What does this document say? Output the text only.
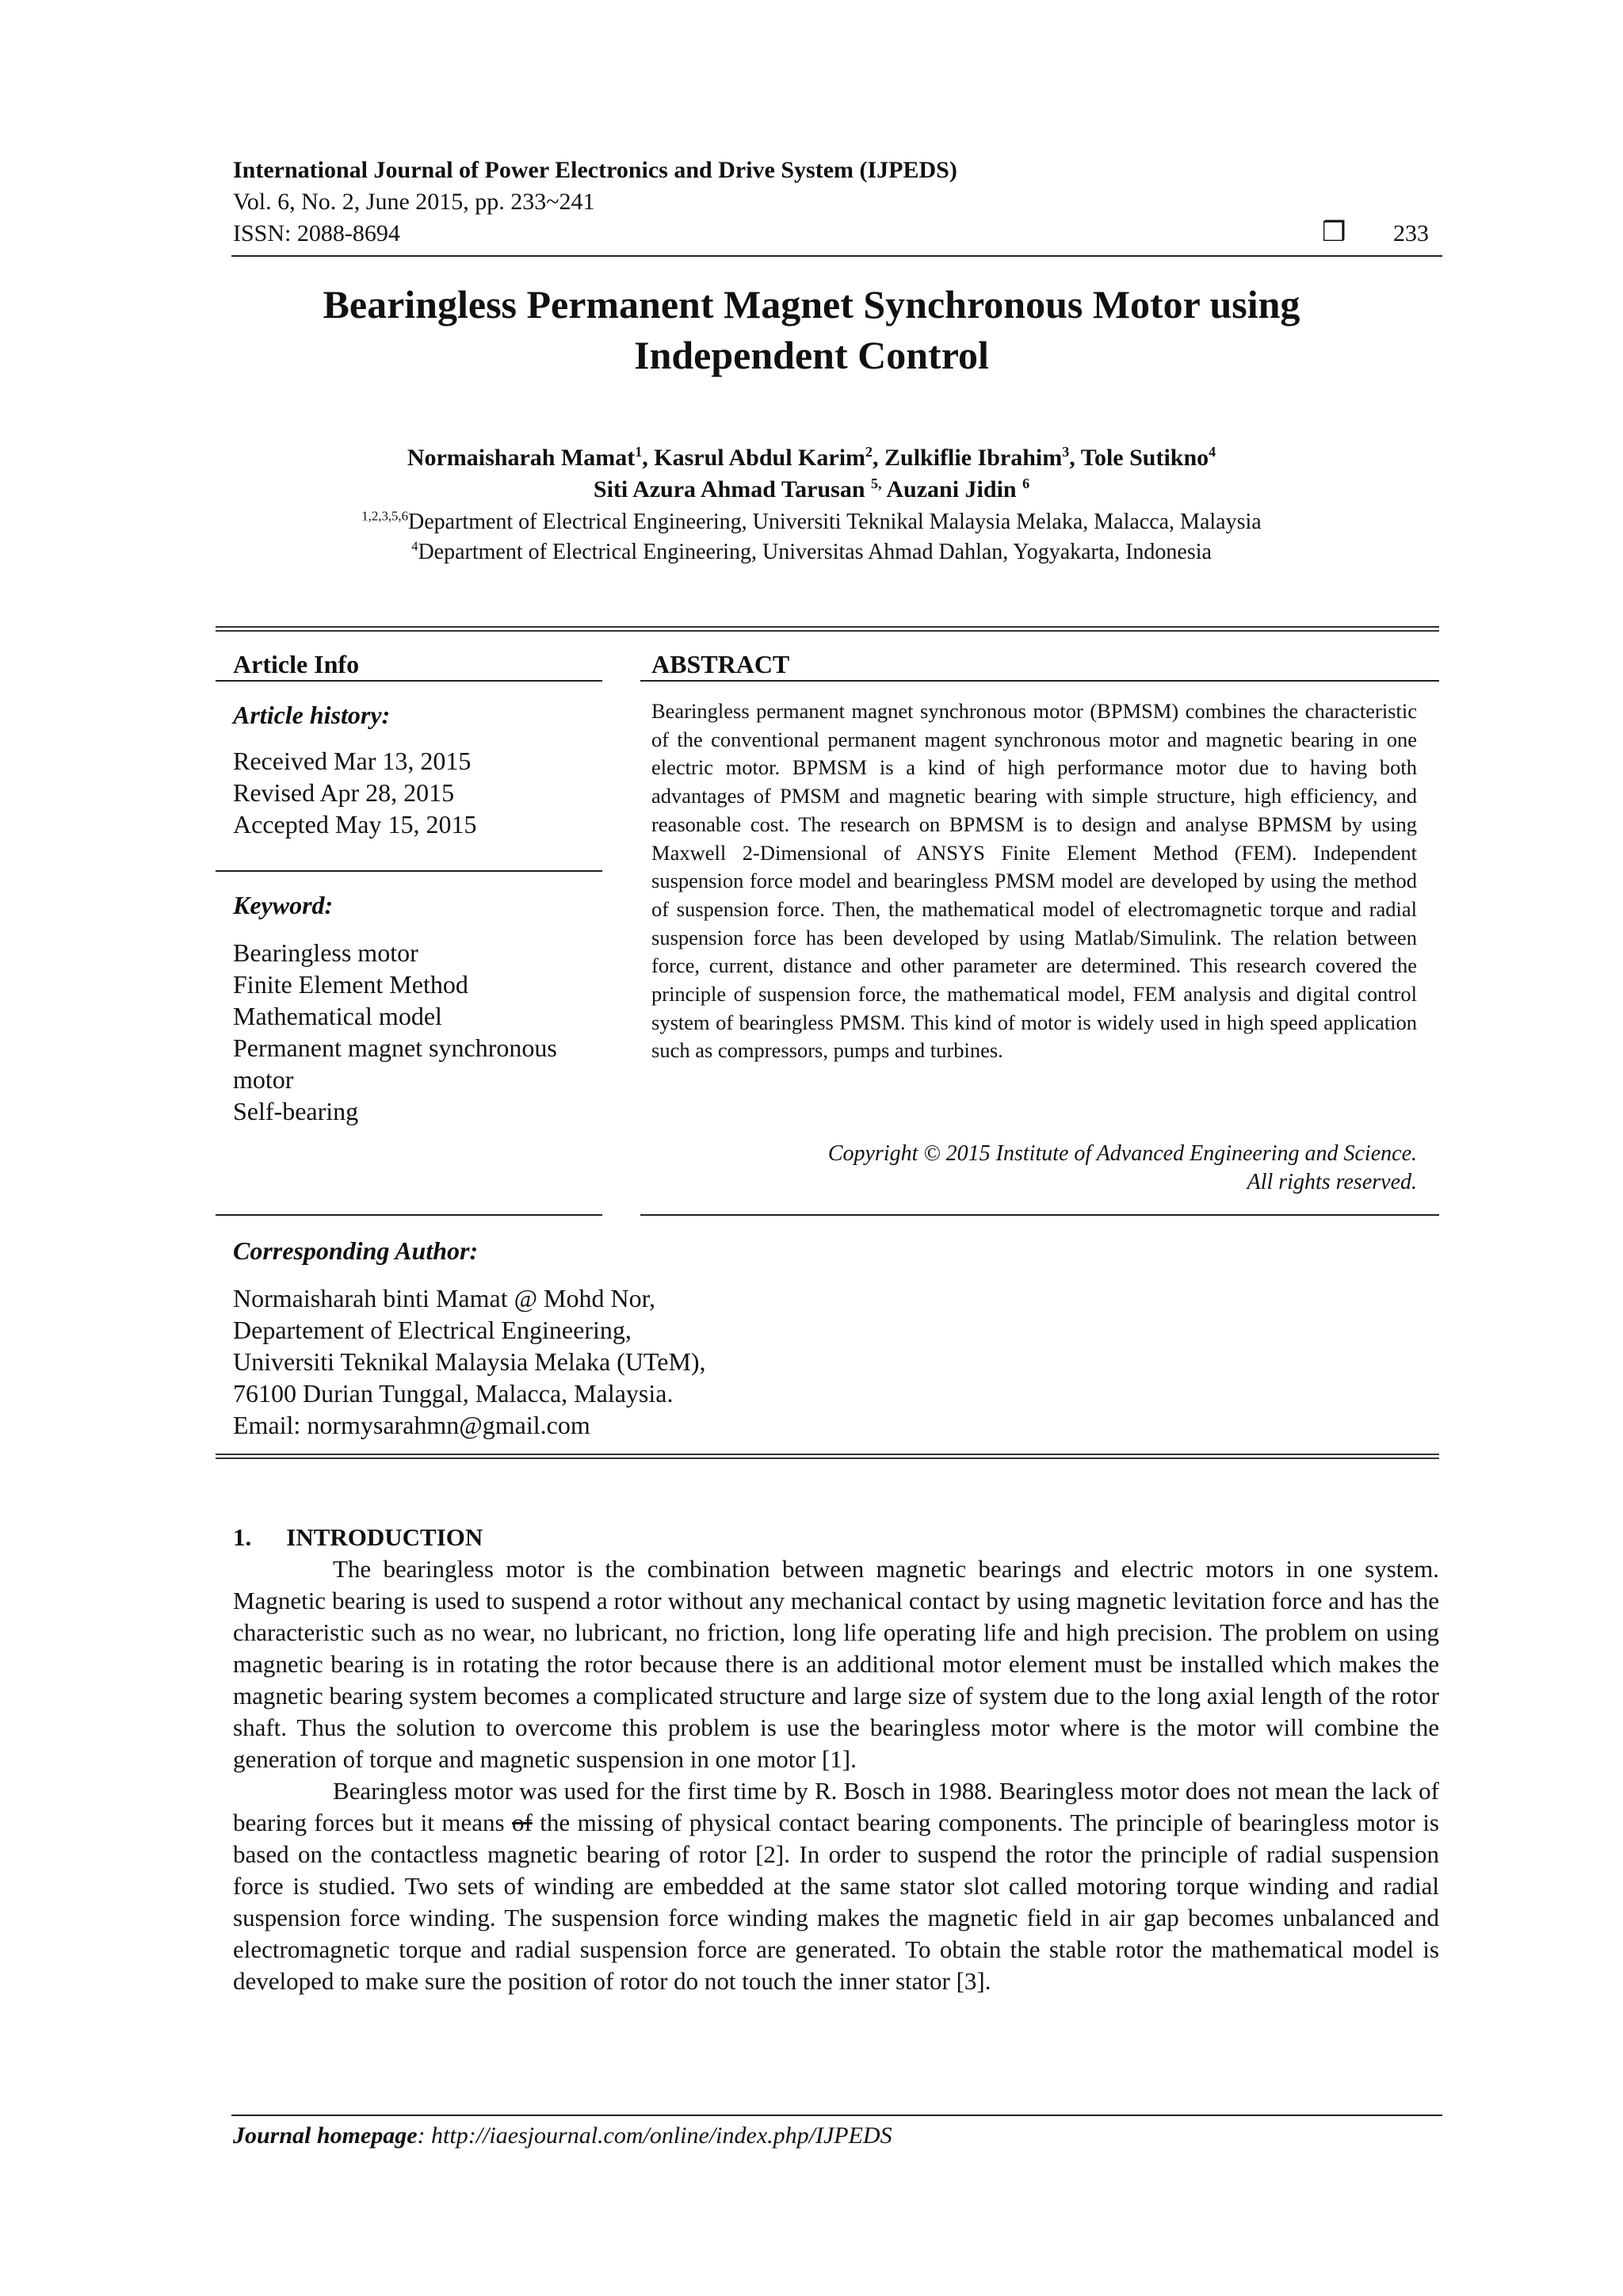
International Journal of Power Electronics and Drive System (IJPEDS)
Vol. 6, No. 2, June 2015, pp. 233~241
ISSN: 2088-8694	❒ 233
Bearingless Permanent Magnet Synchronous Motor using
Independent Control
Normaisharah Mamat$^1$, Kasrul Abdul Karim$^2$, Zulkiflie Ibrahim$^3$, Tole Sutikno$^4$
Siti Azura Ahmad Tarusan $^{5,}$ Auzani Jidin $^6$
$^{1,2,3,5,6}$Department of Electrical Engineering, Universiti Teknikal Malaysia Melaka, Malacca, Malaysia
$^4$Department of Electrical Engineering, Universitas Ahmad Dahlan, Yogyakarta, Indonesia
Article Info
Article history:
Received Mar 13, 2015
Revised Apr 28, 2015
Accepted May 15, 2015
Keyword:
Bearingless motor
Finite Element Method
Mathematical model
Permanent magnet synchronous
motor
Self-bearing
ABSTRACT
Bearingless permanent magnet synchronous motor (BPMSM) combines the characteristic of the conventional permanent magent synchronous motor and magnetic bearing in one electric motor. BPMSM is a kind of high performance motor due to having both advantages of PMSM and magnetic bearing with simple structure, high efficiency, and reasonable cost. The research on BPMSM is to design and analyse BPMSM by using Maxwell 2-Dimensional of ANSYS Finite Element Method (FEM). Independent suspension force model and bearingless PMSM model are developed by using the method of suspension force. Then, the mathematical model of electromagnetic torque and radial suspension force has been developed by using Matlab/Simulink. The relation between force, current, distance and other parameter are determined. This research covered the principle of suspension force, the mathematical model, FEM analysis and digital control system of bearingless PMSM. This kind of motor is widely used in high speed application such as compressors, pumps and turbines.
Copyright © 2015 Institute of Advanced Engineering and Science.
All rights reserved.
Corresponding Author:
Normaisharah binti Mamat @ Mohd Nor,
Departement of Electrical Engineering,
Universiti Teknikal Malaysia Melaka (UTeM),
76100 Durian Tunggal, Malacca, Malaysia.
Email: normysarahmn@gmail.com
1. INTRODUCTION
The bearingless motor is the combination between magnetic bearings and electric motors in one system. Magnetic bearing is used to suspend a rotor without any mechanical contact by using magnetic levitation force and has the characteristic such as no wear, no lubricant, no friction, long life operating life and high precision. The problem on using magnetic bearing is in rotating the rotor because there is an additional motor element must be installed which makes the magnetic bearing system becomes a complicated structure and large size of system due to the long axial length of the rotor shaft. Thus the solution to overcome this problem is use the bearingless motor where is the motor will combine the generation of torque and magnetic suspension in one motor [1].
Bearingless motor was used for the first time by R. Bosch in 1988. Bearingless motor does not mean the lack of bearing forces but it means of the missing of physical contact bearing components. The principle of bearingless motor is based on the contactless magnetic bearing of rotor [2]. In order to suspend the rotor the principle of radial suspension force is studied. Two sets of winding are embedded at the same stator slot called motoring torque winding and radial suspension force winding. The suspension force winding makes the magnetic field in air gap becomes unbalanced and electromagnetic torque and radial suspension force are generated. To obtain the stable rotor the mathematical model is developed to make sure the position of rotor do not touch the inner stator [3].
Journal homepage: http://iaesjournal.com/online/index.php/IJPEDS
